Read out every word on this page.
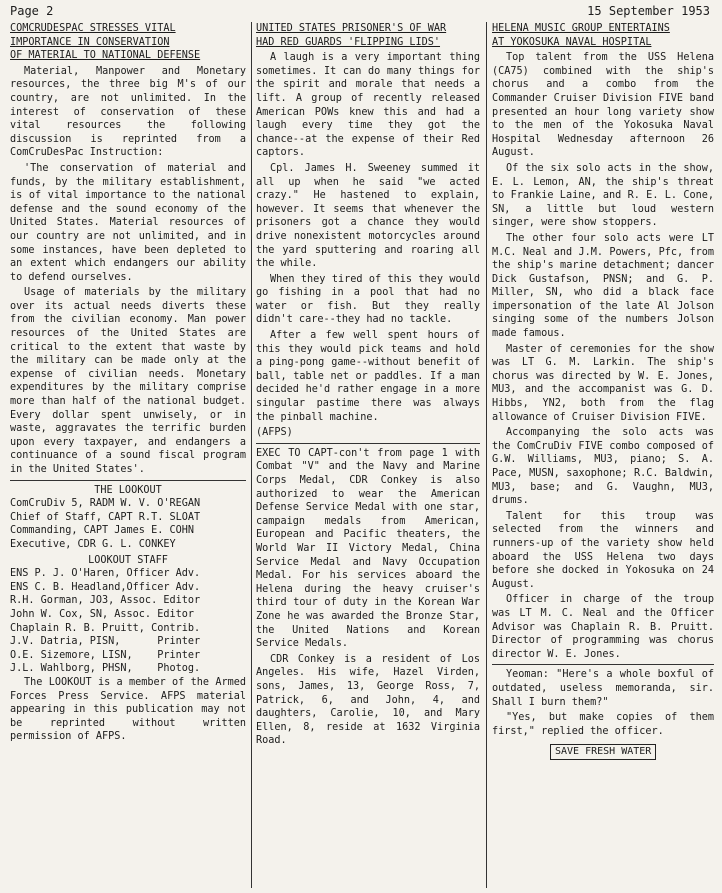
Page 2	15 September 1953
COMCRUDESPAC STRESSES VITAL
IMPORTANCE IN CONSERVATION
OF MATERIAL TO NATIONAL DEFENSE

Material, Manpower and Monetary resources, the three big M's of our country, are not unlimited. In the interest of conservation of these vital resources the following discussion is reprinted from a ComCruDesPac Instruction:

'The conservation of material and funds, by the military establishment, is of vital importance to the national defense and the sound economy of the United States. Material resources of our country are not unlimited, and in some instances, have been depleted to an extent which endangers our ability to defend ourselves.

Usage of materials by the military over its actual needs diverts these from the civilian economy. Man power resources of the United States are critical to the extent that waste by the military can be made only at the expense of civilian needs. Monetary expenditures by the military comprise more than half of the national budget. Every dollar spent unwisely, or in waste, aggravates the terrific burden upon every taxpayer, and endangers a continuance of a sound fiscal program in the United States'.

THE LOOKOUT
ComCruDiv 5, RADM W. V. O'REGAN
Chief of Staff, CAPT R.T. SLOAT
Commanding, CAPT James E. COHN
Executive, CDR G. L. CONKEY
LOOKOUT STAFF
ENS P. J. O'Haren, Officer Adv.
ENS C. B. Headland,Officer Adv.
R.H. Gorman, JO3, Assoc. Editor
John W. Cox, SN, Assoc. Editor
Chaplain R. B. Pruitt, Contrib.
J.V. Datria, PISN,      Printer
O.E. Sizemore, LISN,    Printer
J.L. Wahlborg, PHSN,    Photog.

The LOOKOUT is a member of the Armed Forces Press Service. AFPS material appearing in this publication may not be reprinted without written permission of AFPS.

UNITED STATES PRISONER'S OF WAR
HAD RED GUARDS 'FLIPPING LIDS'

A laugh is a very important thing sometimes. It can do many things for the spirit and morale that needs a lift. A group of recently released American POWs knew this and had a laugh every time they got the chance--at the expense of their Red captors.

Cpl. James H. Sweeney summed it all up when he said "we acted crazy." He hastened to explain, however. It seems that whenever the prisoners got a chance they would drive nonexistent motorcycles around the yard sputtering and roaring all the while.

When they tired of this they would go fishing in a pool that had no water or fish. But they really didn't care--they had no tackle.

After a few well spent hours of this they would pick teams and hold a ping-pong game--without benefit of ball, table net or paddles. If a man decided he'd rather engage in a more singular pastime there was always the pinball machine.

(AFPS)

EXEC TO CAPT-con't from page 1 with Combat "V" and the Navy and Marine Corps Medal, CDR Conkey is also authorized to wear the American Defense Service Medal with one star, campaign medals from American, European and Pacific theaters, the World War II Victory Medal, China Service Medal and Navy Occupation Medal. For his services aboard the Helena during the heavy cruiser's third tour of duty in the Korean War Zone he was awarded the Bronze Star, the United Nations and Korean Service Medals.

CDR Conkey is a resident of Los Angeles. His wife, Hazel Virden, sons, James, 13, George Ross, 7, Patrick, 6, and John, 4, and daughters, Carolie, 10, and Mary Ellen, 8, reside at 1632 Virginia Road.

HELENA MUSIC GROUP ENTERTAINS
AT YOKOSUKA NAVAL HOSPITAL

Top talent from the USS Helena (CA75) combined with the ship's chorus and a combo from the Commander Cruiser Division FIVE band presented an hour long variety show to the men of the Yokosuka Naval Hospital Wednesday afternoon 26 August.

Of the six solo acts in the show, E. L. Lemon, AN, the ship's threat to Frankie Laine, and R. E. L. Cone, SN, a little but loud western singer, were show stoppers.

The other four solo acts were LT M.C. Neal and J.M. Powers, Pfc, from the ship's marine detachment; dancer Dick Gustafson, PNSN; and G. P. Miller, SN, who did a black face impersonation of the late Al Jolson singing some of the numbers Jolson made famous.

Master of ceremonies for the show was LT G. M. Larkin. The ship's chorus was directed by W. E. Jones, MU3, and the accompanist was G. D. Hibbs, YN2, both from the flag allowance of Cruiser Division FIVE.

Accompanying the solo acts was the ComCruDiv FIVE combo composed of G.W. Williams, MU3, piano; S. A. Pace, MUSN, saxophone; R.C. Baldwin, MU3, base; and G. Vaughn, MU3, drums.

Talent for this troup was selected from the winners and runners-up of the variety show held aboard the USS Helena two days before she docked in Yokosuka on 24 August.

Officer in charge of the troup was LT M. C. Neal and the Officer Advisor was Chaplain R. B. Pruitt. Director of programming was chorus director W. E. Jones.

Yeoman: "Here's a whole boxful of outdated, useless memoranda, sir. Shall I burn them?"

"Yes, but make copies of them first," replied the officer.

SAVE FRESH WATER
